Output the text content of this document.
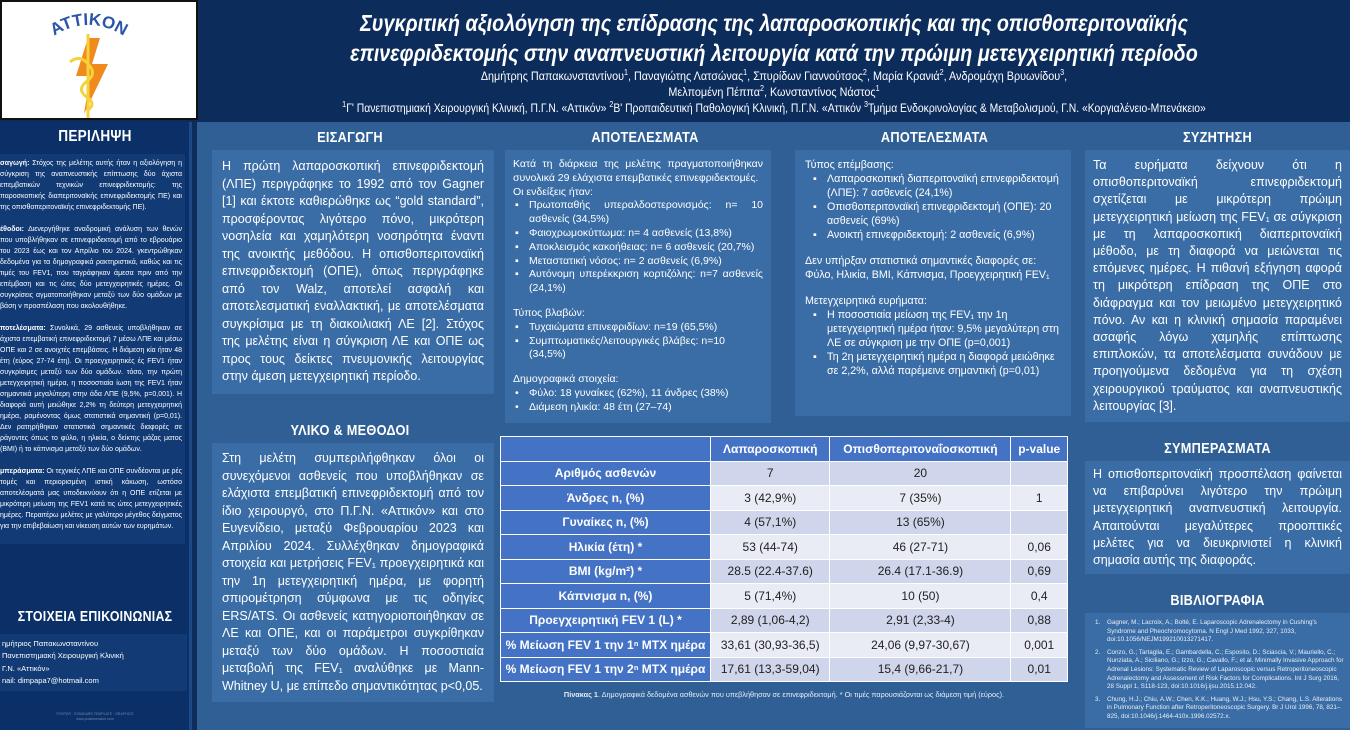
ATTIKON	Συγκριτική αξιολόγηση της επίδρασης της λαπαροσκοπικής και της οπισθοπεριτοναϊκής
επινεφριδεκτομής στην αναπνευστική λειτουργία κατά την πρώιμη μετεγχειρητική περίοδο
Δημήτρης Παπακωνσταντίνου$^1$, Παναγιώτης Λατσώνας$^1$, Σπυρίδων Γιαννούτσος$^2$, Μαρία Κρανιά$^2$, Ανδρομάχη Βρυωνίδου$^3$,
Μελπομένη Πέππα$^2$, Κωνσταντίνος Νάστος$^1$
$^1$Γ' Πανεπιστημιακή Χειρουργική Κλινική, Π.Γ.Ν. «Αττικόν» $^2$Β' Προπαιδευτική Παθολογική Κλινική, Π.Γ.Ν. «Αττικόν $^3$Τμήμα Ενδοκρινολογίας & Μεταβολισμού, Γ.Ν. «Κοργιαλένειο-Μπενάκειο»
ΠΕΡΙΛΗΨΗ

σαγωγή: Στόχος της μελέτης αυτής ήταν η αξιολόγηση η σύγκριση της αναπνευστικής επίπτωσης δύο άχιστα επεμβατικών τεχνικών επινεφριδεκτομής: της παροσκοπικής διαπεριτοναϊκής επινεφριδεκτομής ΠΕ) και της οπισθοπεριτοναϊκής επινεφριδεκτομής ΠΕ).

έθοδοι: Διενεργήθηκε αναδρομική ανάλυση των θενών που υποβλήθηκαν σε επινεφριδεκτομή από το εβρουάριο του 2023 έως και τον Απρίλιο του 2024. γκεντρώθηκαν δεδομένα για τα δημογραφικά ρακτηριστικά, καθώς και τις τιμές του FEV1, που ταγράφηκαν άμεσα πριν από την επέμβαση και τις ώτες δύο μετεγχειρητικές ημέρες. Οι συγκρίσεις αγματοποιήθηκαν μεταξύ των δύο ομάδων με βάση ν προσπέλαση που ακολουθήθηκε.

ποτελέσματα: Συνολικά, 29 ασθενείς υποβλήθηκαν σε άχιστα επεμβατική επινεφριδεκτομή 7 μέσω ΛΠΕ και μέσω ΟΠΕ και 2 σε ανοιχτές επεμβάσεις. Η διάμεση κία ήταν 48 έτη (εύρος 27-74 έτη). Οι προεγχειρητικές ές FEV1 ήταν συγκρίσιμες μεταξύ των δύο ομάδων. τόσο, την πρώτη μετεγχειρητική ημέρα, η ποσοστιαία ίωση της FEV1 ήταν σημαντικά μεγαλύτερη στην άδα ΛΠΕ (9,5%, p=0,001). Η διαφορά αυτή μειώθηκε 2,2% τη δεύτερη μετεγχειρητική ημέρα, ραμένοντας όμως στατιστικά σημαντική (p=0,01). Δεν ρατηρήθηκαν στατιστικά σημαντικές διαφορές σε ράγοντες όπως το φύλο, η ηλικία, ο δείκτης μάζας ματος (BMI) ή το κάπνισμα μεταξύ των δύο ομάδων.

μπεράσματα: Οι τεχνικές ΛΠΕ και ΟΠΕ συνδέονται με ρές τομές και περιορισμένη ιστική κάκωση, ωστόσο αποτελέσματά μας υποδεικνύουν ότι η ΟΠΕ ετίζεται με μικρότερη μείωση της FEV1 κατά τις ώτες μετεγχειρητικές ημέρες. Περαιτέρω μελέτες με γαλύτερο μέγεθος δείγματος για την επιβεβαίωση και νίκευση αυτών των ευρημάτων.

ΣΤΟΙΧΕΙΑ ΕΠΙΚΟΙΝΩΝΙΑΣ
ημήτριος Παπακωνσταντίνου
Πανεπιστημιακή Χειρουργική Κλινική
Γ.Ν. «Αττικόν»
nail: dimpapa7@hotmail.com
POSTER · STANDARD TEMPLATE · GRAPHICS
www.postersession.com
ΕΙΣΑΓΩΓΗ
Η πρώτη λαπαροσκοπική επινεφριδεκτομή (ΛΠΕ) περιγράφηκε το 1992 από τον Gagner [1] και έκτοτε καθιερώθηκε ως “gold standard”, προσφέροντας λιγότερο πόνο, μικρότερη νοσηλεία και χαμηλότερη νοσηρότητα έναντι της ανοικτής μεθόδου. Η οπισθοπεριτοναϊκή επινεφριδεκτομή (ΟΠΕ), όπως περιγράφηκε από τον Walz, αποτελεί ασφαλή και αποτελεσματική εναλλακτική, με αποτελέσματα συγκρίσιμα με τη διακοιλιακή ΛΕ [2]. Στόχος της μελέτης είναι η σύγκριση ΛΕ και ΟΠΕ ως προς τους δείκτες πνευμονικής λειτουργίας στην άμεση μετεγχειρητική περίοδο.
ΥΛΙΚΟ & ΜΕΘΟΔΟΙ
Στη μελέτη συμπεριλήφθηκαν όλοι οι συνεχόμενοι ασθενείς που υποβλήθηκαν σε ελάχιστα επεμβατική επινεφριδεκτομή από τον ίδιο χειρουργό, στο Π.Γ.Ν. «Αττικόν» και στο Ευγενίδειο, μεταξύ Φεβρουαρίου 2023 και Απριλίου 2024. Συλλέχθηκαν δημογραφικά στοιχεία και μετρήσεις FEV₁ προεγχειρητικά και την 1η μετεγχειρητική ημέρα, με φορητή σπιρομέτρηση σύμφωνα με τις οδηγίες ERS/ATS. Οι ασθενείς κατηγοριοποιήθηκαν σε ΛΕ και ΟΠΕ, και οι παράμετροι συγκρίθηκαν μεταξύ των δύο ομάδων. Η ποσοστιαία μεταβολή της FEV₁ αναλύθηκε με Mann-Whitney U, με επίπεδο σημαντικότητας p<0,05.
ΑΠΟΤΕΛΕΣΜΑΤΑ
Κατά τη διάρκεια της μελέτης πραγματοποιήθηκαν συνολικά 29 ελάχιστα επεμβατικές επινεφριδεκτομές.
Οι ενδείξεις ήταν:
▪ Πρωτοπαθής υπεραλδοστερονισμός: n= 10 ασθενείς (34,5%)
▪ Φαιοχρωμοκύττωμα: n= 4 ασθενείς (13,8%)
▪ Αποκλεισμός κακοήθειας: n= 6 ασθενείς (20,7%)
▪ Μεταστατική νόσος: n= 2 ασθενείς (6,9%)
▪ Αυτόνομη υπερέκκριση κορτιζόλης: n=7 ασθενείς (24,1%)
Τύπος βλαβών:
▪ Τυχαιώματα επινεφριδίων: n=19 (65,5%)
▪ Συμπτωματικές/λειτουργικές βλάβες: n=10 (34,5%)
Δημογραφικά στοιχεία:
• Φύλο: 18 γυναίκες (62%), 11 άνδρες (38%)
• Διάμεση ηλικία: 48 έτη (27–74)
ΑΠΟΤΕΛΕΣΜΑΤΑ
Τύπος επέμβασης:
▪ Λαπαροσκοπική διαπεριτοναϊκή επινεφριδεκτομή (ΛΠΕ): 7 ασθενείς (24,1%)
▪ Οπισθοπεριτοναϊκή επινεφριδεκτομή (ΟΠΕ): 20 ασθενείς (69%)
▪ Ανοικτή επινεφριδεκτομή: 2 ασθενείς (6,9%)
Δεν υπήρξαν στατιστικά σημαντικές διαφορές σε:
Φύλο, Ηλικία, BMI, Κάπνισμα, Προεγχειρητική FEV₁
Μετεγχειρητικά ευρήματα:
▪ Η ποσοστιαία μείωση της FEV₁ την 1η μετεγχειρητική ημέρα ήταν: 9,5% μεγαλύτερη στη ΛΕ σε σύγκριση με την ΟΠΕ (p=0,001)
▪ Τη 2η μετεγχειρητική ημέρα η διαφορά μειώθηκε σε 2,2%, αλλά παρέμεινε σημαντική (p=0,01)
	Λαπαροσκοπική	Οπισθοπεριτοναΐοσκοπική	p-value
Αριθμός ασθενών	7	20	
Άνδρες n, (%)	3 (42,9%)	7 (35%)	1
Γυναίκες n, (%)	4 (57,1%)	13 (65%)	
Ηλικία (έτη) *	53 (44-74)	46 (27-71)	0,06
BMI (kg/m²) *	28.5 (22.4-37.6)	26.4 (17.1-36.9)	0,69
Κάπνισμα n, (%)	5 (71,4%)	10 (50)	0,4
Προεγχειρητική FEV 1 (L) *	2,89 (1,06-4,2)	2,91 (2,33-4)	0,88
% Μείωση FEV 1 την 1ⁿ ΜΤΧ ημέρα	33,61 (30,93-36,5)	24,06 (9,97-30,67)	0,001
% Μείωση FEV 1 την 2ⁿ ΜΤΧ ημέρα	17,61 (13,3-59,04)	15,4 (9,66-21,7)	0,01
Πίνακας 1. Δημογραφικά δεδομένα ασθενών που υπεβλήθησαν σε επινεφριδεκτομή. * Οι τιμές παρουσιάζονται ως διάμεση τιμή (εύρος).
ΣΥΖΗΤΗΣΗ
Τα ευρήματα δείχνουν ότι η οπισθοπεριτοναϊκή επινεφριδεκτομή σχετίζεται με μικρότερη πρώιμη μετεγχειρητική μείωση της FEV₁ σε σύγκριση με τη λαπαροσκοπική διαπεριτοναϊκή μέθοδο, με τη διαφορά να μειώνεται τις επόμενες ημέρες. Η πιθανή εξήγηση αφορά τη μικρότερη επίδραση της ΟΠΕ στο διάφραγμα και τον μειωμένο μετεγχειρητικό πόνο. Αν και η κλινική σημασία παραμένει ασαφής λόγω χαμηλής επίπτωσης επιπλοκών, τα αποτελέσματα συνάδουν με προηγούμενα δεδομένα για τη σχέση χειρουργικού τραύματος και αναπνευστικής λειτουργίας [3].
ΣΥΜΠΕΡΑΣΜΑΤΑ
Η οπισθοπεριτοναϊκή προσπέλαση φαίνεται να επιβαρύνει λιγότερο την πρώιμη μετεγχειρητική αναπνευστική λειτουργία. Απαιτούνται μεγαλύτερες προοπτικές μελέτες για να διευκρινιστεί η κλινική σημασία αυτής της διαφοράς.
ΒΙΒΛΙΟΓΡΑΦΙΑ
1. Gagner, M.; Lacroix, A.; Bolté, E. Laparoscopic Adrenalectomy in Cushing's Syndrome and Pheochromocytoma. N Engl J Med 1992, 327, 1033, doi:10.1056/NEJM199210013271417.
2. Conzo, G.; Tartaglia, E.; Gambardella, C.; Esposito, D.; Sciascia, V.; Mauriello, C.; Nunziata, A.; Siciliano, G.; Izzo, G.; Cavallo, F.; et al. Minimally Invasive Approach for Adrenal Lesions: Systematic Review of Laparoscopic versus Retroperitoneoscopic Adrenalectomy and Assessment of Risk Factors for Complications. Int J Surg 2016, 28 Suppl 1, S118-123, doi:10.1016/j.ijsu.2015.12.042.
3. Chung, H.J.; Chiu, A.W.; Chen, K.K.; Huang, W.J.; Hsu, Y.S.; Chang, L.S. Alterations in Pulmonary Function after Retroperitoneoscopic Surgery. Br J Urol 1996, 78, 821–825, doi:10.1046/j.1464-410x.1996.02572.x.
